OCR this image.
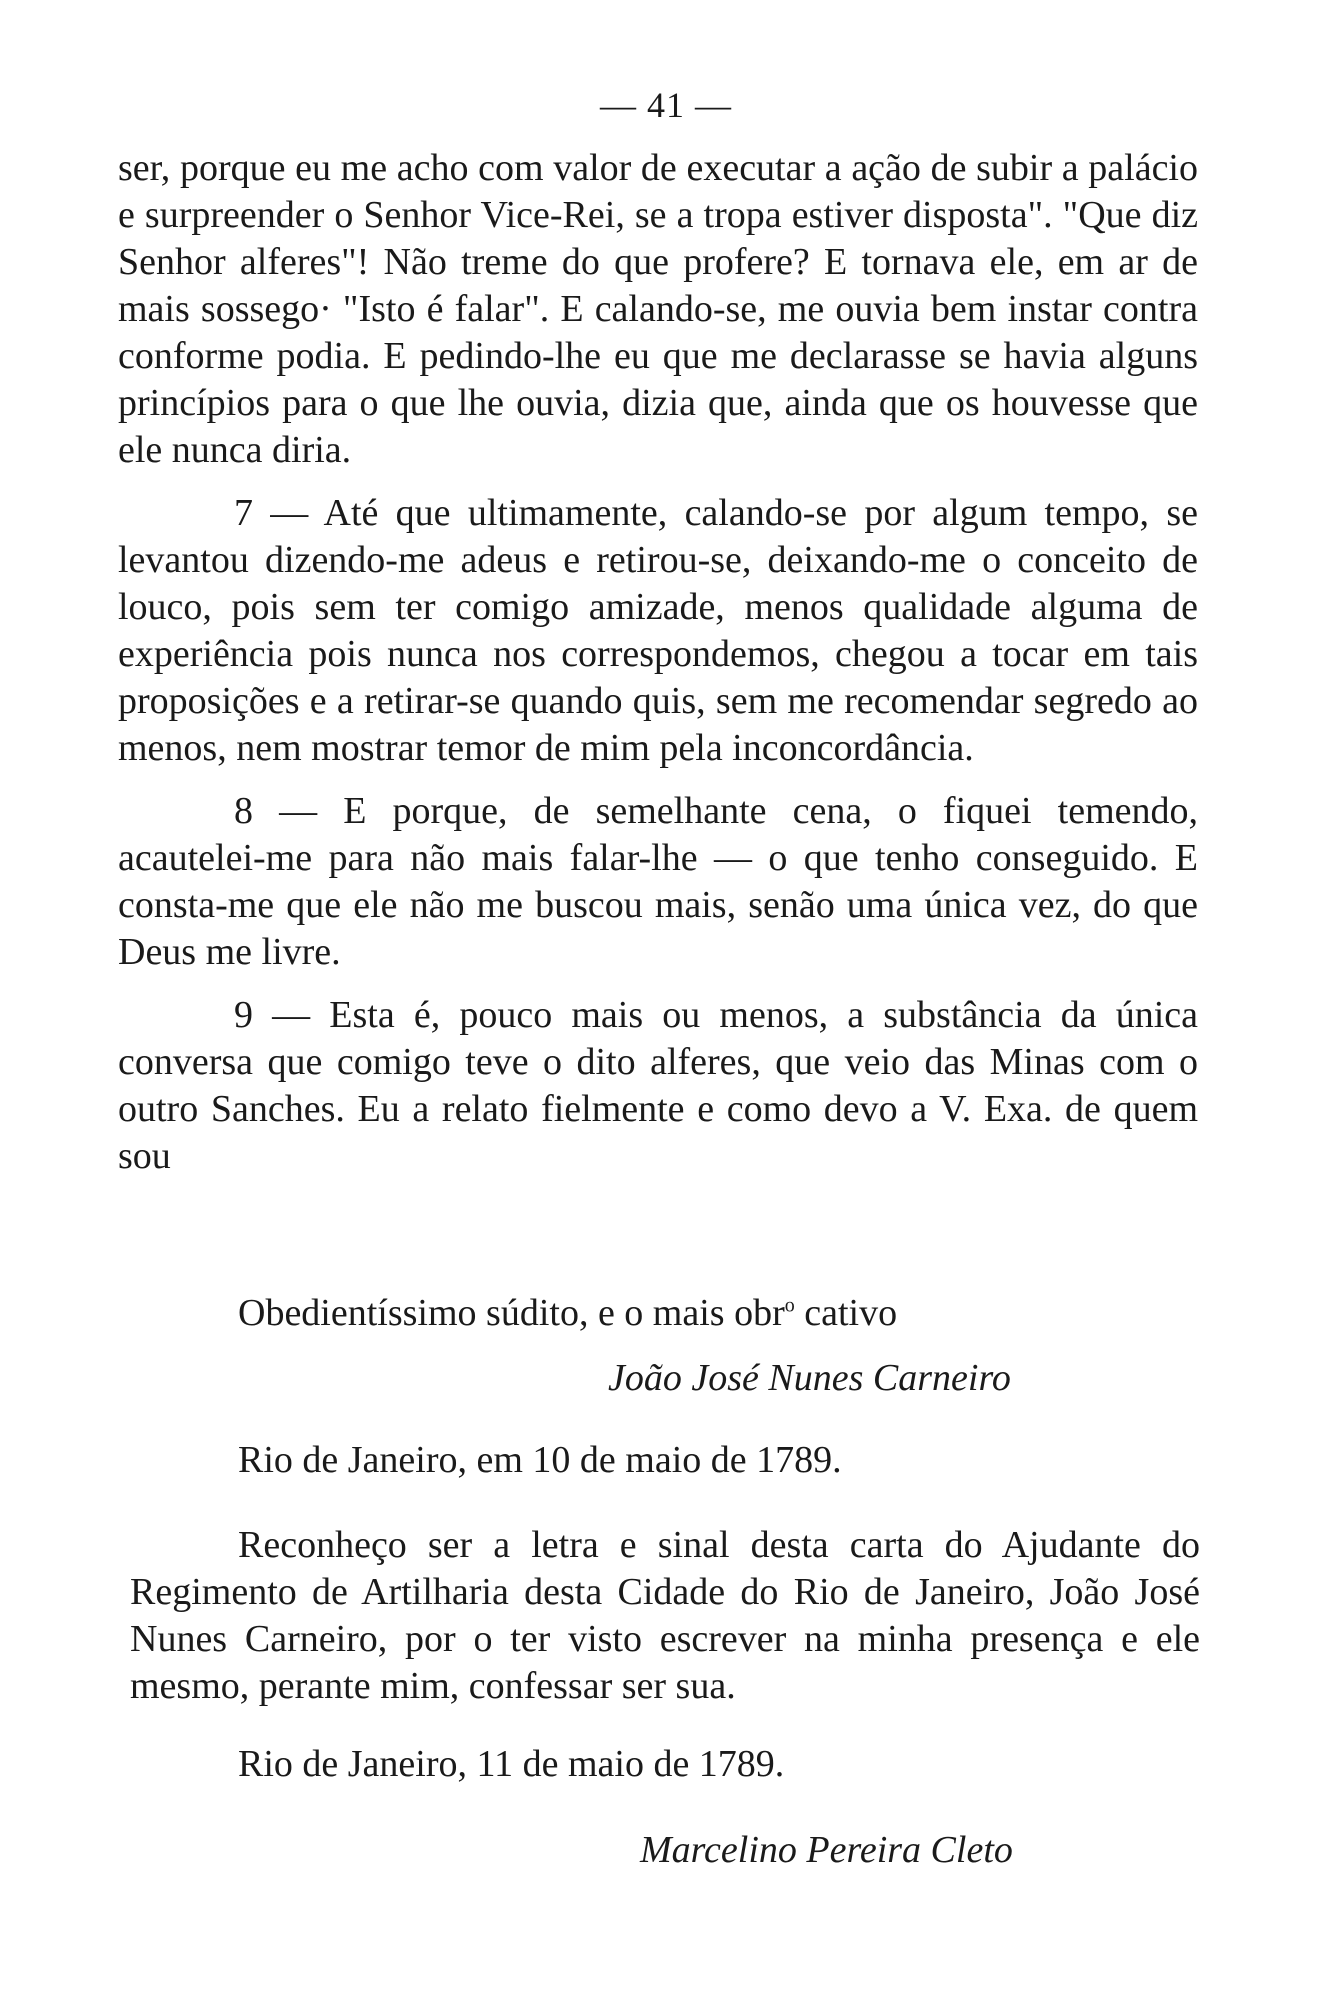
— 41 —

ser, porque eu me acho com valor de executar a ação de subir a palácio e surpreender o Senhor Vice-Rei, se a tropa estiver disposta". "Que diz Senhor alferes"! Não treme do que profere? E tornava ele, em ar de mais sossego· "Isto é falar". E calando-se, me ouvia bem instar contra conforme podia. E pedindo-lhe eu que me declarasse se havia alguns princípios para o que lhe ouvia, dizia que, ainda que os houvesse que ele nunca diria.

7 — Até que ultimamente, calando-se por algum tempo, se levantou dizendo-me adeus e retirou-se, deixando-me o conceito de louco, pois sem ter comigo amizade, menos qualidade alguma de experiência pois nunca nos correspondemos, chegou a tocar em tais proposições e a retirar-se quando quis, sem me recomendar segredo ao menos, nem mostrar temor de mim pela inconcordância.

8 — E porque, de semelhante cena, o fiquei temendo, acautelei-me para não mais falar-lhe — o que tenho conseguido. E consta-me que ele não me buscou mais, senão uma única vez, do que Deus me livre.

9 — Esta é, pouco mais ou menos, a substância da única conversa que comigo teve o dito alferes, que veio das Minas com o outro Sanches. Eu a relato fielmente e como devo a V. Exa. de quem sou

Obedientíssimo súdito, e o mais obr$^o$ cativo
João José Nunes Carneiro
Rio de Janeiro, em 10 de maio de 1789.
Reconheço ser a letra e sinal desta carta do Ajudante do Regimento de Artilharia desta Cidade do Rio de Janeiro, João José Nunes Carneiro, por o ter visto escrever na minha presença e ele mesmo, perante mim, confessar ser sua.
Rio de Janeiro, 11 de maio de 1789.
Marcelino Pereira Cleto
